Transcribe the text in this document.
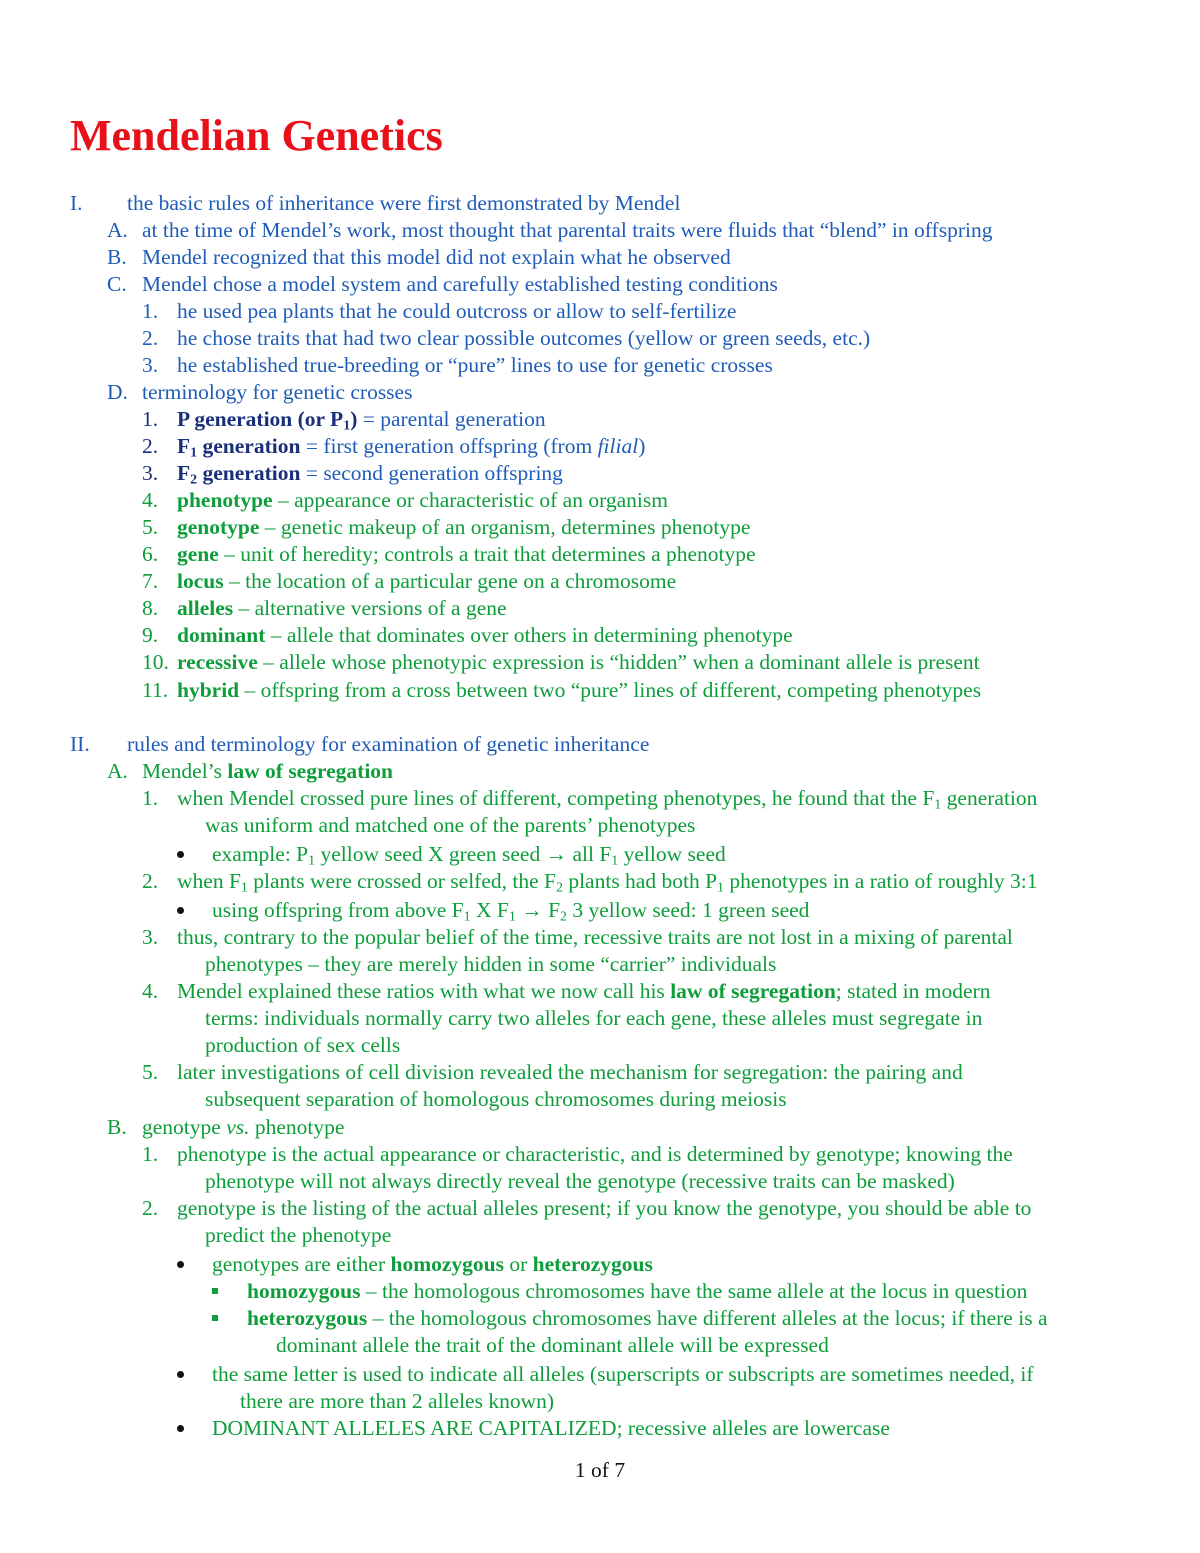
Mendelian Genetics
I. the basic rules of inheritance were first demonstrated by Mendel
A. at the time of Mendel’s work, most thought that parental traits were fluids that “blend” in offspring
B. Mendel recognized that this model did not explain what he observed
C. Mendel chose a model system and carefully established testing conditions
1. he used pea plants that he could outcross or allow to self-fertilize
2. he chose traits that had two clear possible outcomes (yellow or green seeds, etc.)
3. he established true-breeding or “pure” lines to use for genetic crosses
D. terminology for genetic crosses
1. P generation (or $P_1$) = parental generation
2. $F_1$ generation = first generation offspring (from filial)
3. $F_2$ generation = second generation offspring
4. phenotype – appearance or characteristic of an organism
5. genotype – genetic makeup of an organism, determines phenotype
6. gene – unit of heredity; controls a trait that determines a phenotype
7. locus – the location of a particular gene on a chromosome
8. alleles – alternative versions of a gene
9. dominant – allele that dominates over others in determining phenotype
10. recessive – allele whose phenotypic expression is “hidden” when a dominant allele is present
11. hybrid – offspring from a cross between two “pure” lines of different, competing phenotypes
II. rules and terminology for examination of genetic inheritance
A. Mendel’s law of segregation
1. when Mendel crossed pure lines of different, competing phenotypes, he found that the $F_1$ generation
was uniform and matched one of the parents’ phenotypes
example: $P_1$ yellow seed X green seed → all $F_1$ yellow seed
2. when $F_1$ plants were crossed or selfed, the $F_2$ plants had both $P_1$ phenotypes in a ratio of roughly 3:1
using offspring from above $F_1$ X $F_1 \to F_2$ 3 yellow seed: 1 green seed
3. thus, contrary to the popular belief of the time, recessive traits are not lost in a mixing of parental
phenotypes – they are merely hidden in some “carrier” individuals
4. Mendel explained these ratios with what we now call his law of segregation; stated in modern
terms: individuals normally carry two alleles for each gene, these alleles must segregate in
production of sex cells
5. later investigations of cell division revealed the mechanism for segregation: the pairing and
subsequent separation of homologous chromosomes during meiosis
B. genotype vs. phenotype
1. phenotype is the actual appearance or characteristic, and is determined by genotype; knowing the
phenotype will not always directly reveal the genotype (recessive traits can be masked)
2. genotype is the listing of the actual alleles present; if you know the genotype, you should be able to
predict the phenotype
genotypes are either homozygous or heterozygous
homozygous – the homologous chromosomes have the same allele at the locus in question
heterozygous – the homologous chromosomes have different alleles at the locus; if there is a
dominant allele the trait of the dominant allele will be expressed
the same letter is used to indicate all alleles (superscripts or subscripts are sometimes needed, if
there are more than 2 alleles known)
DOMINANT ALLELES ARE CAPITALIZED; recessive alleles are lowercase
1 of 7
